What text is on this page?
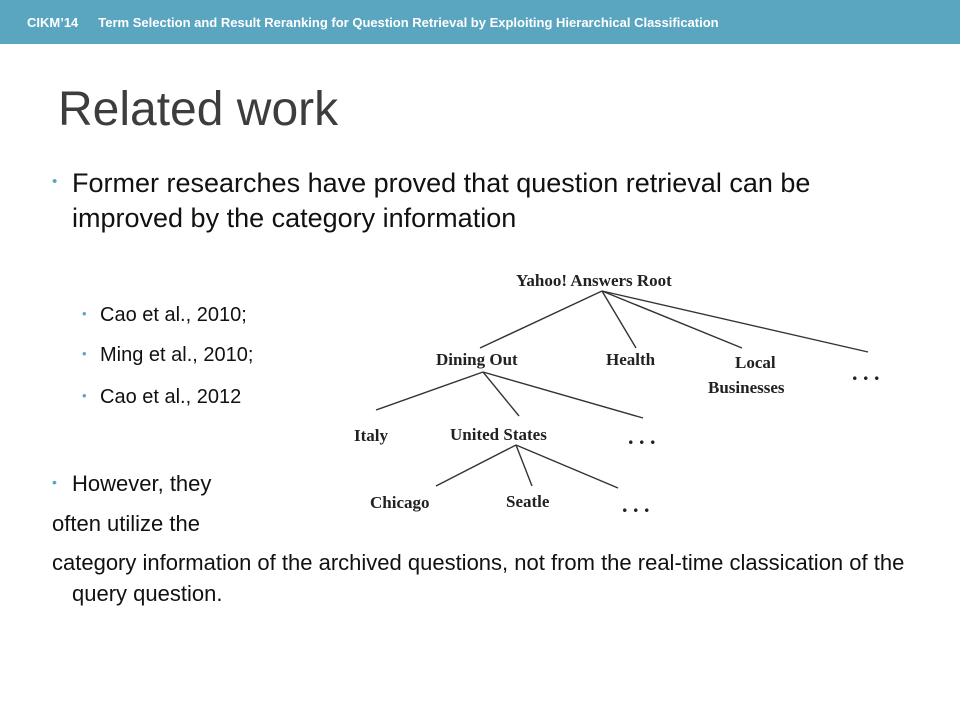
CIKM’14 Term Selection and Result Reranking for Question Retrieval by Exploiting Hierarchical Classification
Related work
• Former researches have proved that question retrieval can be improved by the category information
• Cao et al., 2010;
• Ming et al., 2010;
• Cao et al., 2012
• However, they
often utilize the
category information of the archived questions, not from the real-time classication of the query question.
Yahoo! Answers Root
Dining Out	Health	Local
Businesses
. . .
Italy	United States	. . .
Chicago	Seatle	. . .
